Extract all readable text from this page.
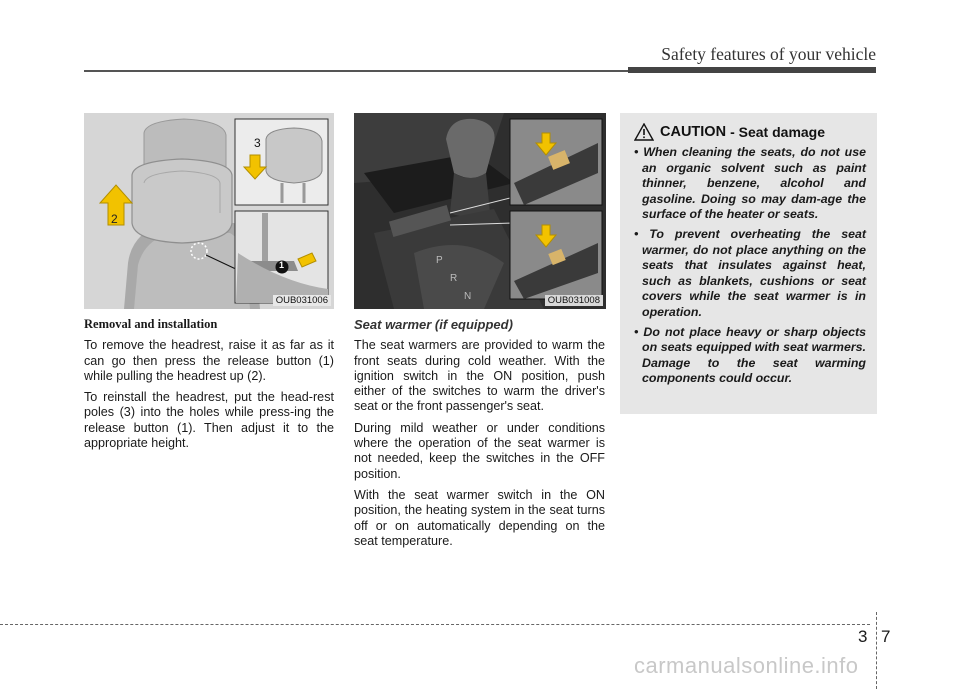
Safety features of your vehicle
3
2
1
OUB031006
P
R
N	OUB031008

Removal and installation

To remove the headrest, raise it as far as it can go then press the release button (1) while pulling the headrest up (2).

To reinstall the headrest, put the head-rest poles (3) into the holes while press-ing the release button (1). Then adjust it to the appropriate height.

Seat warmer (if equipped)

The seat warmers are provided to warm the front seats during cold weather. With the ignition switch in the ON position, push either of the switches to warm the driver's seat or the front passenger's seat.

During mild weather or under conditions where the operation of the seat warmer is not needed, keep the switches in the OFF position.

With the seat warmer switch in the ON position, the heating system in the seat turns off or on automatically depending on the seat temperature.

CAUTION
- Seat damage
• When cleaning the seats, do not use an organic solvent such as paint thinner, benzene, alcohol and gasoline. Doing so may dam-age the surface of the heater or seats.
• To prevent overheating the seat warmer, do not place anything on the seats that insulates against heat, such as blankets, cushions or seat covers while the seat warmer is in operation.
• Do not place heavy or sharp objects on seats equipped with seat warmers. Damage to the seat warming components could occur.
3 7
carmanualsonline.info
